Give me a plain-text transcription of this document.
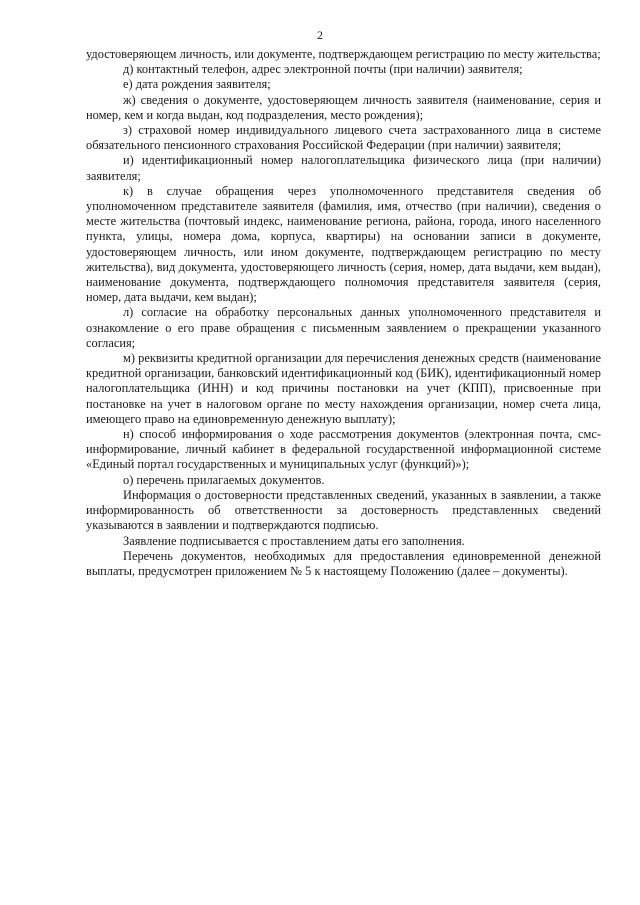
2

удостоверяющем личность, или документе, подтверждающем регистрацию по месту жительства;

д) контактный телефон, адрес электронной почты (при наличии) заявителя;

е) дата рождения заявителя;

ж) сведения о документе, удостоверяющем личность заявителя (наименование, серия и номер, кем и когда выдан, код подразделения, место рождения);

з) страховой номер индивидуального лицевого счета застрахованного лица в системе обязательного пенсионного страхования Российской Федерации (при наличии) заявителя;

и) идентификационный номер налогоплательщика физического лица (при наличии) заявителя;

к) в случае обращения через уполномоченного представителя сведения об уполномоченном представителе заявителя (фамилия, имя, отчество (при наличии), сведения о месте жительства (почтовый индекс, наименование региона, района, города, иного населенного пункта, улицы, номера дома, корпуса, квартиры) на основании записи в документе, удостоверяющем личность, или ином документе, подтверждающем регистрацию по месту жительства), вид документа, удостоверяющего личность (серия, номер, дата выдачи, кем выдан), наименование документа, подтверждающего полномочия представителя заявителя (серия, номер, дата выдачи, кем выдан);

л) согласие на обработку персональных данных уполномоченного представителя и ознакомление о его праве обращения с письменным заявлением о прекращении указанного согласия;

м) реквизиты кредитной организации для перечисления денежных средств (наименование кредитной организации, банковский идентификационный код (БИК), идентификационный номер налогоплательщика (ИНН) и код причины постановки на учет (КПП), присвоенные при постановке на учет в налоговом органе по месту нахождения организации, номер счета лица, имеющего право на единовременную денежную выплату);

н) способ информирования о ходе рассмотрения документов (электронная почта, смс-информирование, личный кабинет в федеральной государственной информационной системе «Единый портал государственных и муниципальных услуг (функций)»);

о) перечень прилагаемых документов.

Информация о достоверности представленных сведений, указанных в заявлении, а также информированность об ответственности за достоверность представленных сведений указываются в заявлении и подтверждаются подписью.

Заявление подписывается с проставлением даты его заполнения.

Перечень документов, необходимых для предоставления единовременной денежной выплаты, предусмотрен приложением № 5 к настоящему Положению (далее – документы).
